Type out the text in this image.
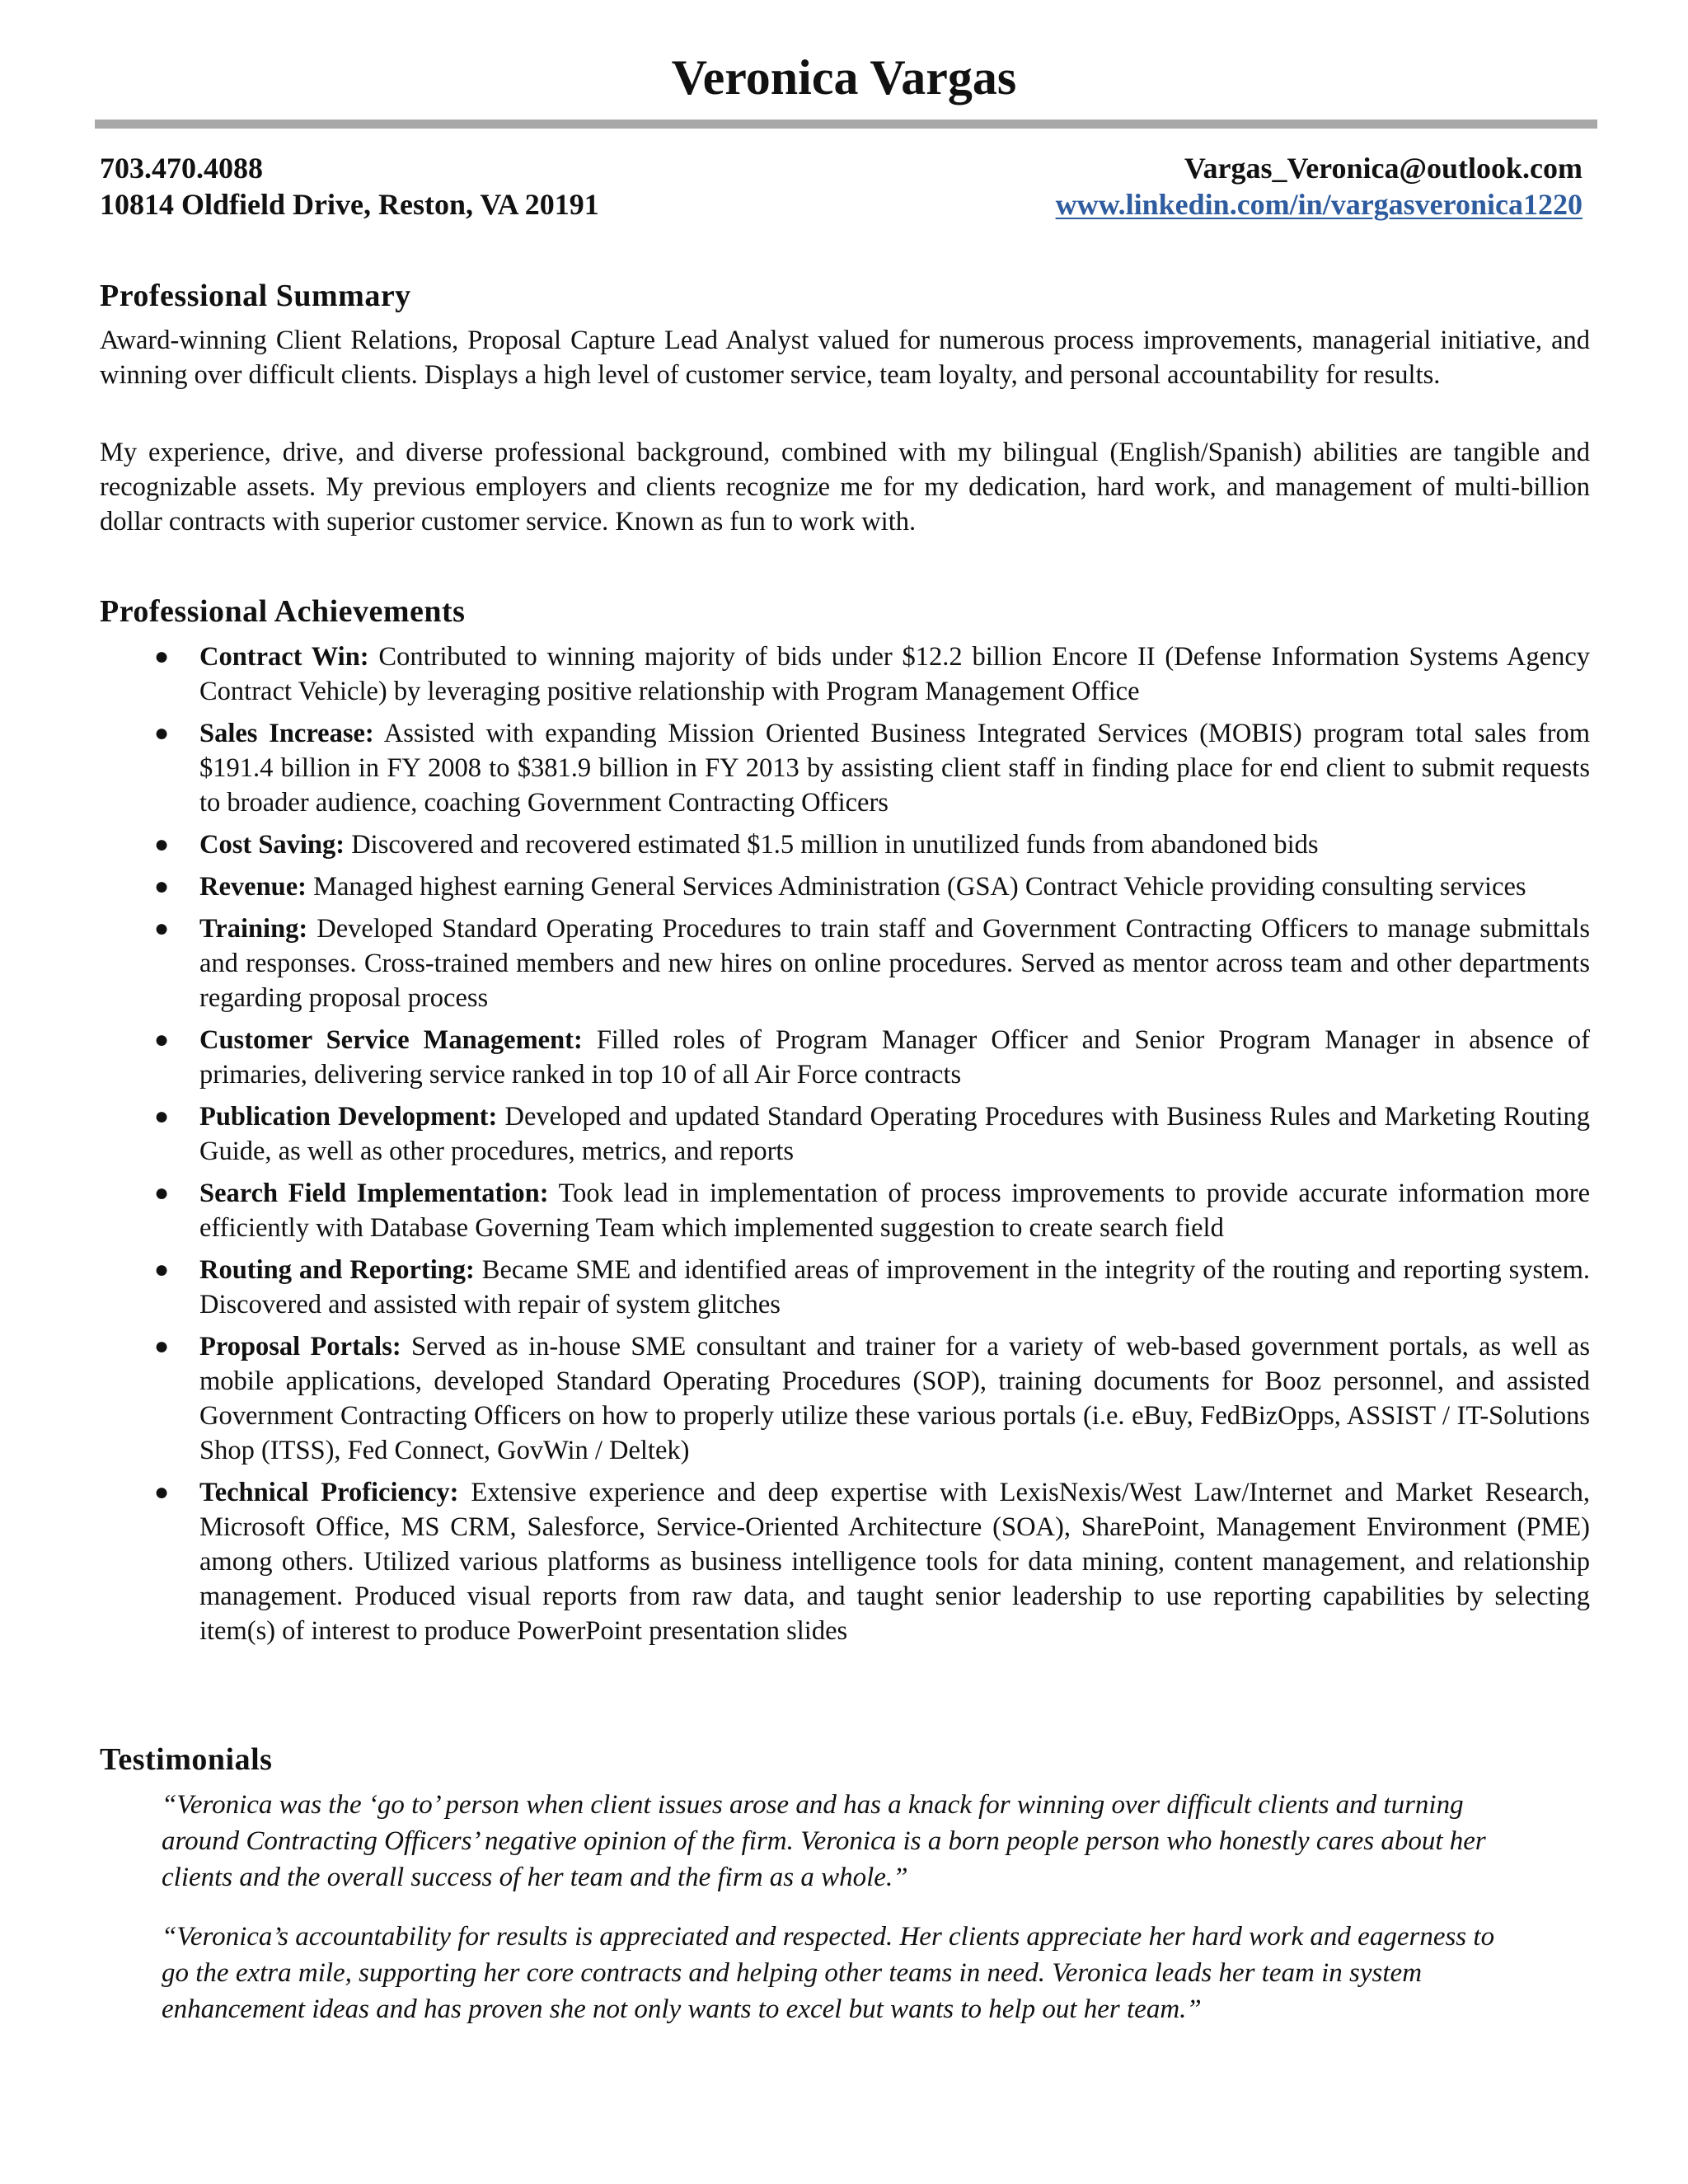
Veronica Vargas
703.470.4088
10814 Oldfield Drive, Reston, VA 20191
Vargas_Veronica@outlook.com
www.linkedin.com/in/vargasveronica1220
Professional Summary

Award-winning Client Relations, Proposal Capture Lead Analyst valued for numerous process improvements, managerial initiative, and winning over difficult clients. Displays a high level of customer service, team loyalty, and personal accountability for results.

My experience, drive, and diverse professional background, combined with my bilingual (English/Spanish) abilities are tangible and recognizable assets. My previous employers and clients recognize me for my dedication, hard work, and management of multi-billion dollar contracts with superior customer service. Known as fun to work with.

Professional Achievements
● Contract Win: Contributed to winning majority of bids under $12.2 billion Encore II (Defense Information Systems Agency Contract Vehicle) by leveraging positive relationship with Program Management Office
● Sales Increase: Assisted with expanding Mission Oriented Business Integrated Services (MOBIS) program total sales from $191.4 billion in FY 2008 to $381.9 billion in FY 2013 by assisting client staff in finding place for end client to submit requests to broader audience, coaching Government Contracting Officers
● Cost Saving: Discovered and recovered estimated $1.5 million in unutilized funds from abandoned bids
● Revenue: Managed highest earning General Services Administration (GSA) Contract Vehicle providing consulting services
● Training: Developed Standard Operating Procedures to train staff and Government Contracting Officers to manage submittals and responses. Cross-trained members and new hires on online procedures. Served as mentor across team and other departments regarding proposal process
● Customer Service Management: Filled roles of Program Manager Officer and Senior Program Manager in absence of primaries, delivering service ranked in top 10 of all Air Force contracts
● Publication Development: Developed and updated Standard Operating Procedures with Business Rules and Marketing Routing Guide, as well as other procedures, metrics, and reports
● Search Field Implementation: Took lead in implementation of process improvements to provide accurate information more efficiently with Database Governing Team which implemented suggestion to create search field
● Routing and Reporting: Became SME and identified areas of improvement in the integrity of the routing and reporting system. Discovered and assisted with repair of system glitches
● Proposal Portals: Served as in-house SME consultant and trainer for a variety of web-based government portals, as well as mobile applications, developed Standard Operating Procedures (SOP), training documents for Booz personnel, and assisted Government Contracting Officers on how to properly utilize these various portals (i.e. eBuy, FedBizOpps, ASSIST / IT-Solutions Shop (ITSS), Fed Connect, GovWin / Deltek)
● Technical Proficiency: Extensive experience and deep expertise with LexisNexis/West Law/Internet and Market Research, Microsoft Office, MS CRM, Salesforce, Service-Oriented Architecture (SOA), SharePoint, Management Environment (PME) among others. Utilized various platforms as business intelligence tools for data mining, content management, and relationship management. Produced visual reports from raw data, and taught senior leadership to use reporting capabilities by selecting item(s) of interest to produce PowerPoint presentation slides
Testimonials

“Veronica was the ‘go to’ person when client issues arose and has a knack for winning over difficult clients and turning around Contracting Officers’ negative opinion of the firm. Veronica is a born people person who honestly cares about her clients and the overall success of her team and the firm as a whole.”

“Veronica’s accountability for results is appreciated and respected. Her clients appreciate her hard work and eagerness to go the extra mile, supporting her core contracts and helping other teams in need. Veronica leads her team in system enhancement ideas and has proven she not only wants to excel but wants to help out her team.”
